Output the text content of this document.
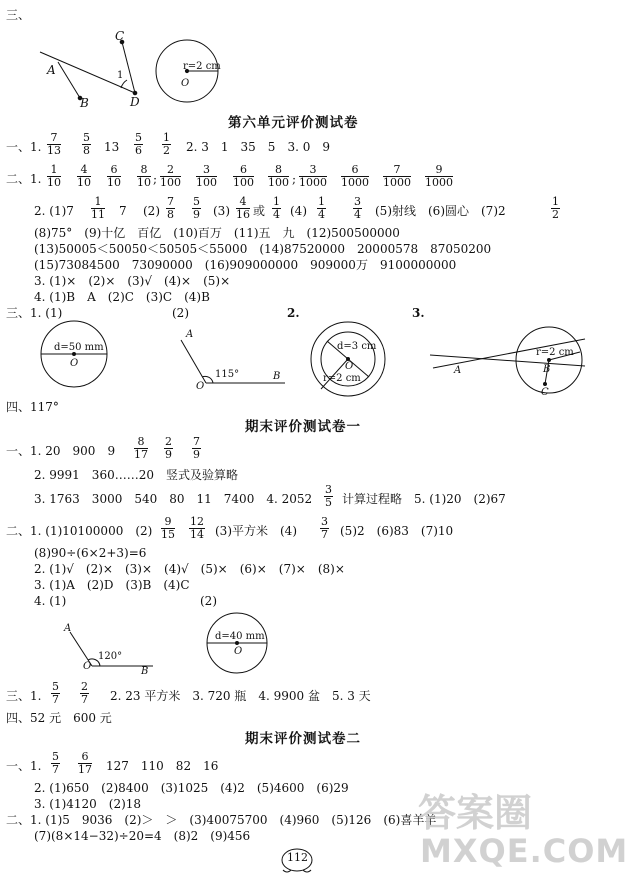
三、
C
A	1
B	D
r=2 cm
O
第六单元评价测试卷
一、1.
7
13
5
8 13
5
6
1
2 2. 3　1　35　5　3. 0　9
二、1.
1
10
4
10
6
10
8
10 ;
2
100
3
100
6
100
8
100 ;
3
1000
6
1000
7
1000
9
1000
2. (1)7
1
11 7 (2)
7
8
5
9 (3)
4
16 或
1
4 (4)
1
4
3
4 (5)射线　(6)圆心　(7)2
1
2
(8)75°　(9)十亿　百亿　(10)百万　(11)五　九　(12)500500000
(13)50005＜50050＜50505＜55000　(14)87520000　20000578　87050200
(15)73084500　73090000　(16)909000000　909000万　9100000000
3. (1)×　(2)×　(3)√　(4)×　(5)×
4. (1)B　A　(2)C　(3)C　(4)B
三、1. (1)	(2)	2.	3.
d=50 mm
O
A
115°
O
B
d=3 cm
O
r=2 cm
r=2 cm
A	B
C
四、117°
期末评价测试卷一
一、1. 20　900　9
8
17
2
9
7
9
2. 9991　360……20　竖式及验算略
3. 1763　3000　540　80　11　7400　4. 2052
3
5 计算过程略　5. (1)20　(2)67
二、1. (1)10100000　(2)
9
15
12
14 (3)平方米　(4)
3
7 (5)2　(6)83　(7)10
(8)90÷(6×2+3)=6
2. (1)√　(2)×　(3)×　(4)√　(5)×　(6)×　(7)×　(8)×
3. (1)A　(2)D　(3)B　(4)C
4. (1)	(2)
A
120°
O	B
d=40 mm
O
三、1.
5
7
2
7 2. 23 平方米　3. 720 瓶　4. 9900 盆　5. 3 天
四、52 元　600 元
期末评价测试卷二
一、1.
5
7
6
17 127　110　82　16
2. (1)650　(2)8400　(3)1025　(4)2　(5)4600　(6)29
3. (1)4120　(2)18
二、1. (1)5　9036　(2)＞　＞　(3)40075700　(4)960　(5)126　(6)喜羊羊
(7)(8×14−32)÷20=4　(8)2　(9)456
112
答案圈
MXQE.COM
